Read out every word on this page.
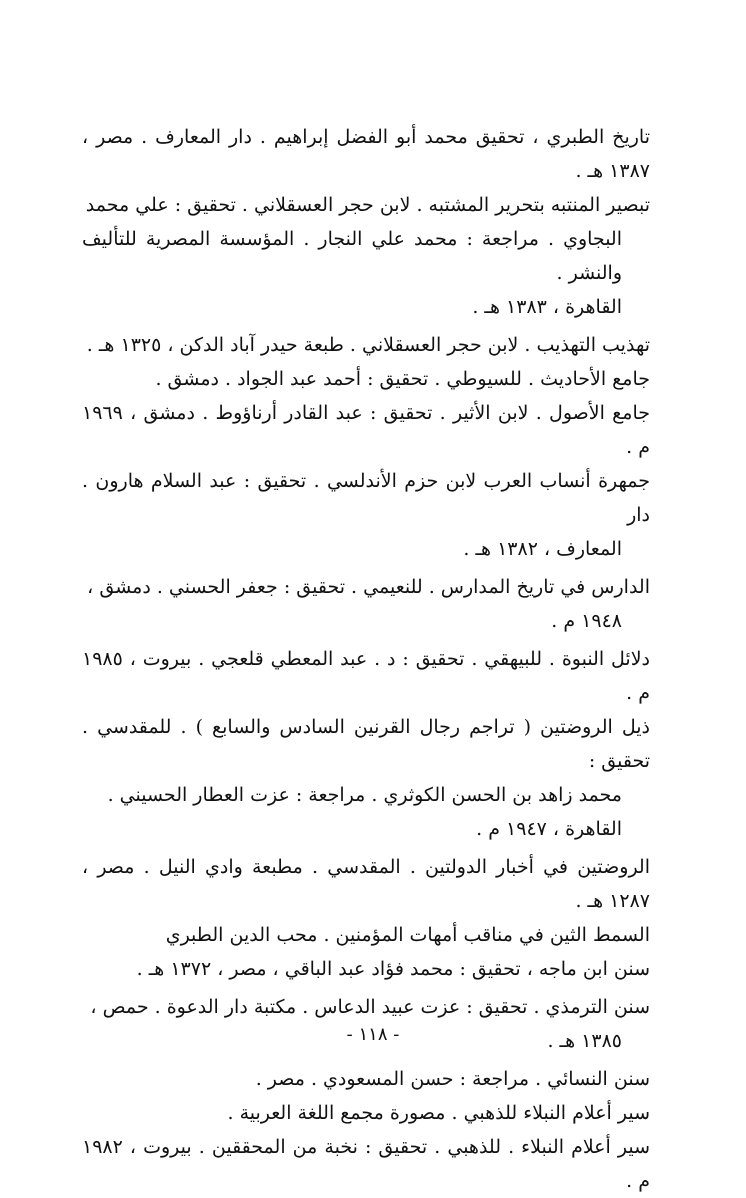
تاريخ الطبري ، تحقيق محمد أبو الفضل إبراهيم . دار المعارف . مصر ، ١٣٨٧ هـ .

تبصير المنتبه بتحرير المشتبه . لابن حجر العسقلاني . تحقيق : علي محمد

البجاوي . مراجعة : محمد علي النجار . المؤسسة المصرية للتأليف والنشر .

القاهرة ، ١٣٨٣ هـ .

تهذيب التهذيب . لابن حجر العسقلاني . طبعة حيدر آباد الدكن ، ١٣٢٥ هـ .

جامع الأحاديث . للسيوطي . تحقيق : أحمد عبد الجواد . دمشق .

جامع الأصول . لابن الأثير . تحقيق : عبد القادر أرناؤوط . دمشق ، ١٩٦٩ م .

جمهرة أنساب العرب لابن حزم الأندلسي . تحقيق : عبد السلام هارون . دار

المعارف ، ١٣٨٢ هـ .

الدارس في تاريخ المدارس . للنعيمي . تحقيق : جعفر الحسني . دمشق ،

١٩٤٨ م .

دلائل النبوة . للبيهقي . تحقيق : د . عبد المعطي قلعجي . بيروت ، ١٩٨٥ م .

ذيل الروضتين ( تراجم رجال القرنين السادس والسابع ) . للمقدسي . تحقيق :

محمد زاهد بن الحسن الكوثري . مراجعة : عزت العطار الحسيني .

القاهرة ، ١٩٤٧ م .

الروضتين في أخبار الدولتين . المقدسي . مطبعة وادي النيل . مصر ، ١٢٨٧ هـ .

السمط الثين في مناقب أمهات المؤمنين . محب الدين الطبري

سنن ابن ماجه ، تحقيق : محمد فؤاد عبد الباقي ، مصر ، ١٣٧٢ هـ .

سنن الترمذي . تحقيق : عزت عبيد الدعاس . مكتبة دار الدعوة . حمص ،

١٣٨٥ هـ .

سنن النسائي . مراجعة : حسن المسعودي . مصر .

سير أعلام النبلاء للذهبي . مصورة مجمع اللغة العربية .

سير أعلام النبلاء . للذهبي . تحقيق : نخبة من المحققين . بيروت ، ١٩٨٢ م .

- ١١٨ -
